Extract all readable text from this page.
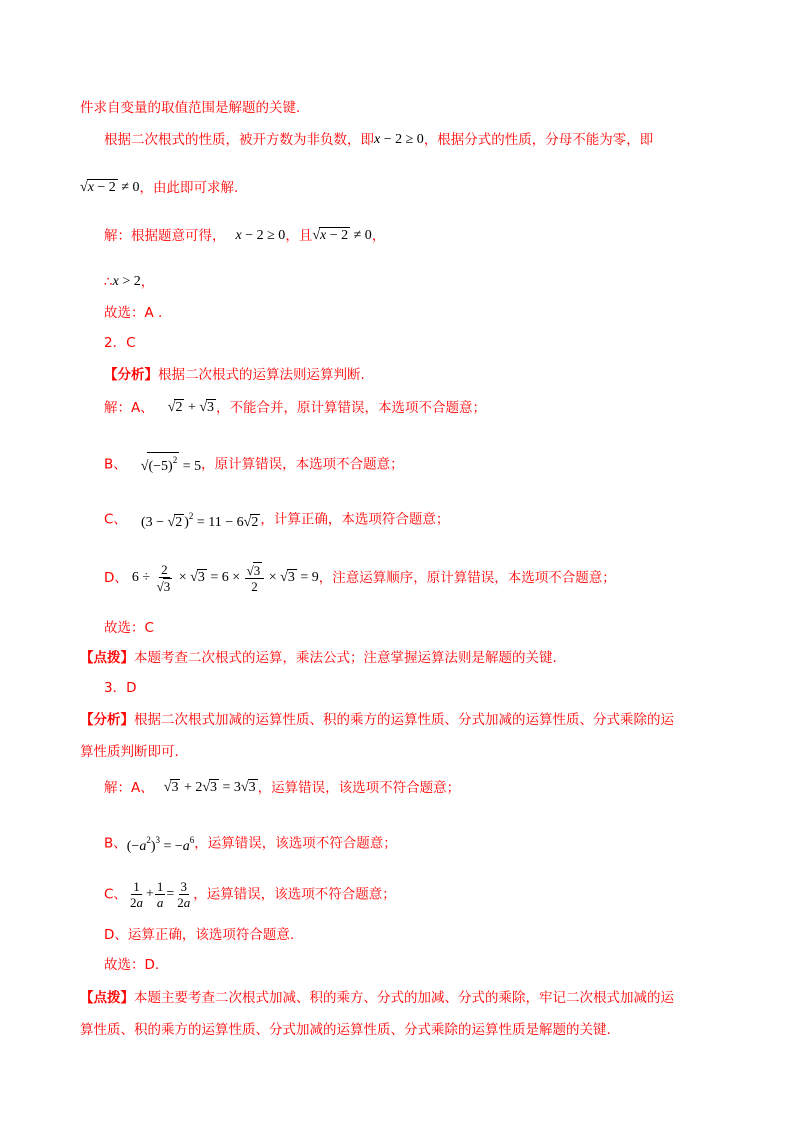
件求自变量的取值范围是解题的关键.
根据二次根式的性质，被开方数为非负数，即x − 2 ≥ 0，根据分式的性质，分母不能为零，即
√x − 2 ≠ 0，由此即可求解.
解：根据题意可得， x − 2 ≥ 0，且√x − 2 ≠ 0，
∴x > 2，
故选：A .
2．C
【分析】根据二次根式的运算法则运算判断.
解：A、 √2 + √3 ，不能合并，原计算错误，本选项不合题意；
B、 $√(-5)^2 = 5$，原计算错误，本选项不合题意；
C、 (3 − √2 )$^2$ = 11 − 6√2 ，计算正确，本选项符合题意；
D、 $6 \div \frac{2}{√3} \times √3 = 6 \times \frac{√3}{2} \times √3 = 9$，注意运算顺序，原计算错误，本选项不合题意；
故选：C
【点拨】本题考查二次根式的运算，乘法公式；注意掌握运算法则是解题的关键.
3．D
【分析】根据二次根式加减的运算性质、积的乘方的运算性质、分式加减的运算性质、分式乘除的运
算性质判断即可.
解：A、 √3 + 2√3 = 3√3 ，运算错误，该选项不符合题意；
B、$(-a^2)^3 = -a^6$，运算错误，该选项不符合题意；
C、 $\frac{1}{2a} + \frac{1}{a} = \frac{3}{2a}$ ，运算错误，该选项不符合题意；
D、运算正确，该选项符合题意.
故选：D.
【点拨】本题主要考查二次根式加减、积的乘方、分式的加减、分式的乘除，牢记二次根式加减的运
算性质、积的乘方的运算性质、分式加减的运算性质、分式乘除的运算性质是解题的关键.
